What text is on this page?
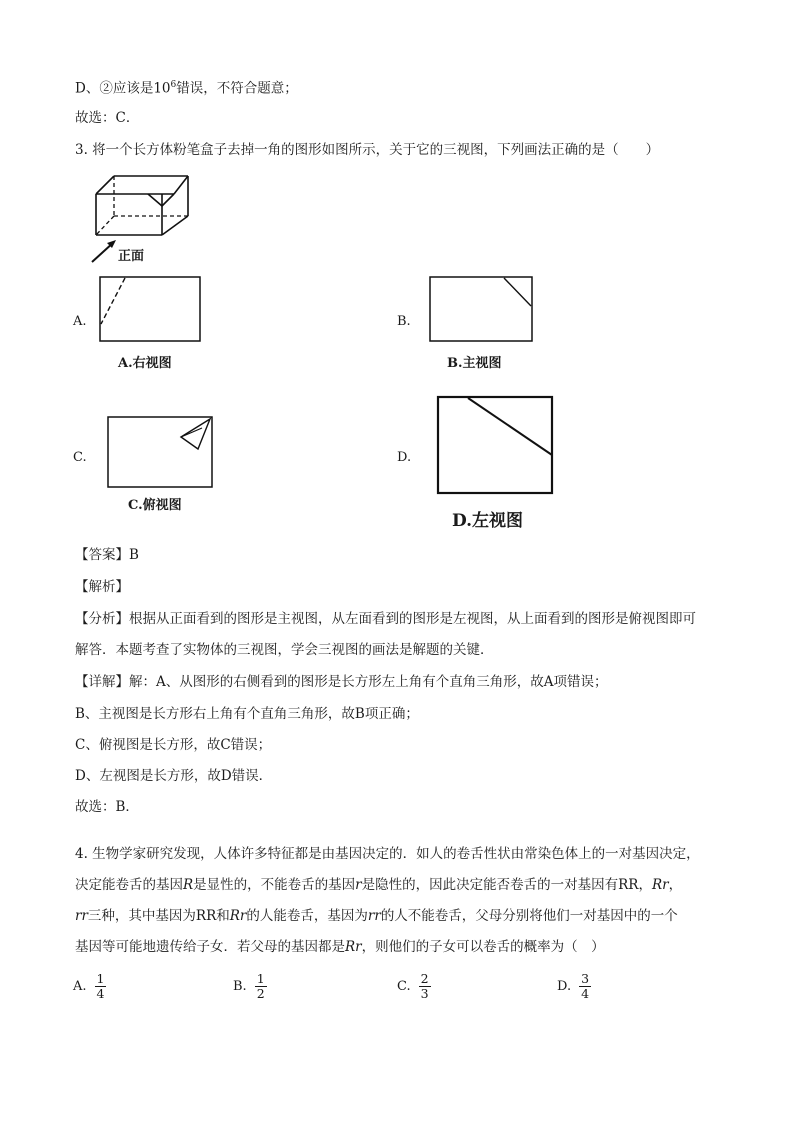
D、②应该是$10^6$错误，不符合题意；
故选：C．
3. 将一个长方体粉笔盒子去掉一角的图形如图所示，关于它的三视图，下列画法正确的是（　　）
正面
A.
A.右视图
B.
B.主视图
C.
C.俯视图
D.
D.左视图
【答案】B
【解析】
【分析】根据从正面看到的图形是主视图，从左面看到的图形是左视图，从上面看到的图形是俯视图即可
解答．本题考查了实物体的三视图，学会三视图的画法是解题的关键．
【详解】解：A、从图形的右侧看到的图形是长方形左上角有个直角三角形，故A项错误；
B、主视图是长方形右上角有个直角三角形，故B项正确；
C、俯视图是长方形，故C错误；
D、左视图是长方形，故D错误．
故选：B．
4. 生物学家研究发现，人体许多特征都是由基因决定的．如人的卷舌性状由常染色体上的一对基因决定，
决定能卷舌的基因R是显性的，不能卷舌的基因r是隐性的，因此决定能否卷舌的一对基因有RR，Rr，
rr三种，其中基因为RR和Rr的人能卷舌，基因为rr的人不能卷舌，父母分别将他们一对基因中的一个
基因等可能地遗传给子女．若父母的基因都是Rr，则他们的子女可以卷舌的概率为（　）
A. $\frac{1}{4}$	B. $\frac{1}{2}$	C. $\frac{2}{3}$	D. $\frac{3}{4}$
